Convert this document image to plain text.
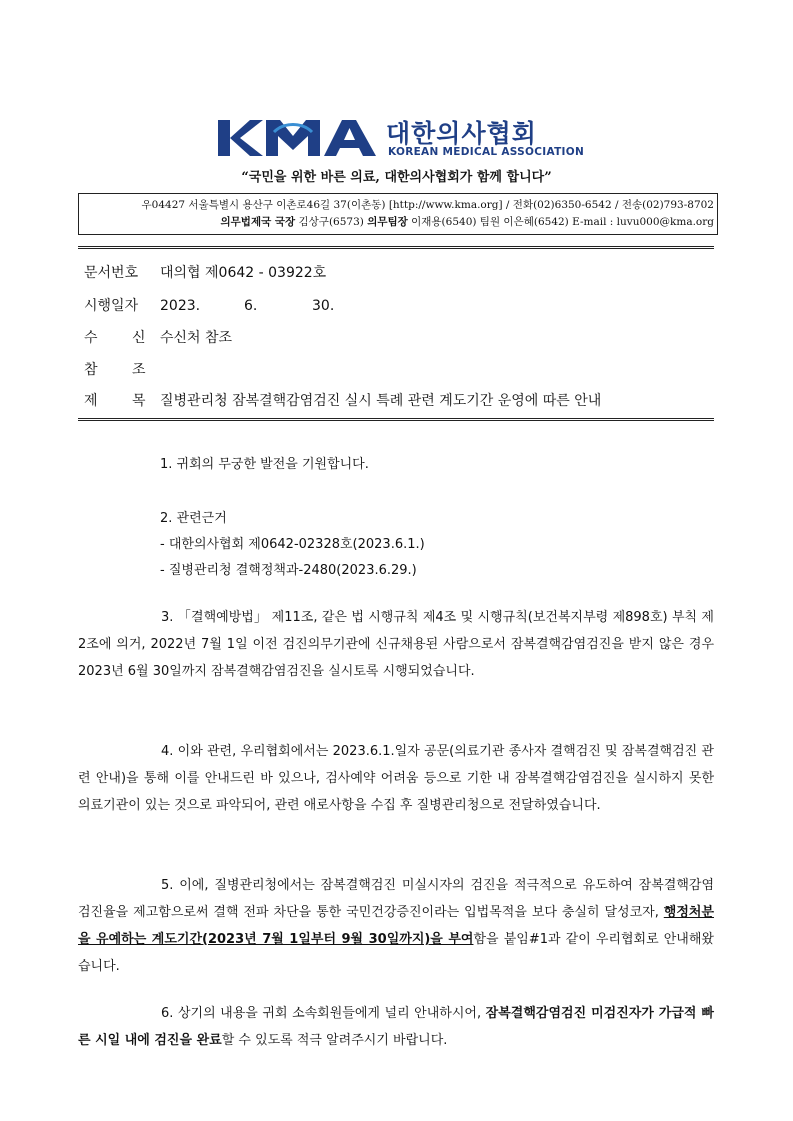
대한의사협회
KOREAN MEDICAL ASSOCIATION
“국민을 위한 바른 의료, 대한의사협회가 함께 합니다”
우04427 서울특별시 용산구 이촌로46길 37(이촌동) [http://www.kma.org] / 전화(02)6350-6542 / 전송(02)793-8702
의무법제국 국장 김상구(6573) 의무팀장 이재용(6540) 팀원 이은혜(6542) E-mail : luvu000@kma.org
문서번호 대의협 제0642 - 03922호
시행일자 2023.	6.	30.
수 신 수신처 참조
참 조
제 목 질병관리청 잠복결핵감염검진 실시 특례 관련 계도기간 운영에 따른 안내
1. 귀회의 무궁한 발전을 기원합니다.
2. 관련근거
- 대한의사협회 제0642-02328호(2023.6.1.)
- 질병관리청 결핵정책과-2480(2023.6.29.)
3. 「결핵예방법」 제11조, 같은 법 시행규칙 제4조 및 시행규칙(보건복지부령 제898호) 부칙 제2조에 의거, 2022년 7월 1일 이전 검진의무기관에 신규채용된 사람으로서 잠복결핵감염검진을 받지 않은 경우 2023년 6월 30일까지 잠복결핵감염검진을 실시토록 시행되었습니다.
4. 이와 관련, 우리협회에서는 2023.6.1.일자 공문(의료기관 종사자 결핵검진 및 잠복결핵검진 관련 안내)을 통해 이를 안내드린 바 있으나, 검사예약 어려움 등으로 기한 내 잠복결핵감염검진을 실시하지 못한 의료기관이 있는 것으로 파악되어, 관련 애로사항을 수집 후 질병관리청으로 전달하였습니다.
5. 이에, 질병관리청에서는 잠복결핵검진 미실시자의 검진을 적극적으로 유도하여 잠복결핵감염 검진율을 제고함으로써 결핵 전파 차단을 통한 국민건강증진이라는 입법목적을 보다 충실히 달성코자, 행정처분을 유예하는 계도기간(2023년 7월 1일부터 9월 30일까지)을 부여함을 붙임#1과 같이 우리협회로 안내해왔습니다.
6. 상기의 내용을 귀회 소속회원들에게 널리 안내하시어, 잠복결핵감염검진 미검진자가 가급적 빠른 시일 내에 검진을 완료할 수 있도록 적극 알려주시기 바랍니다.
